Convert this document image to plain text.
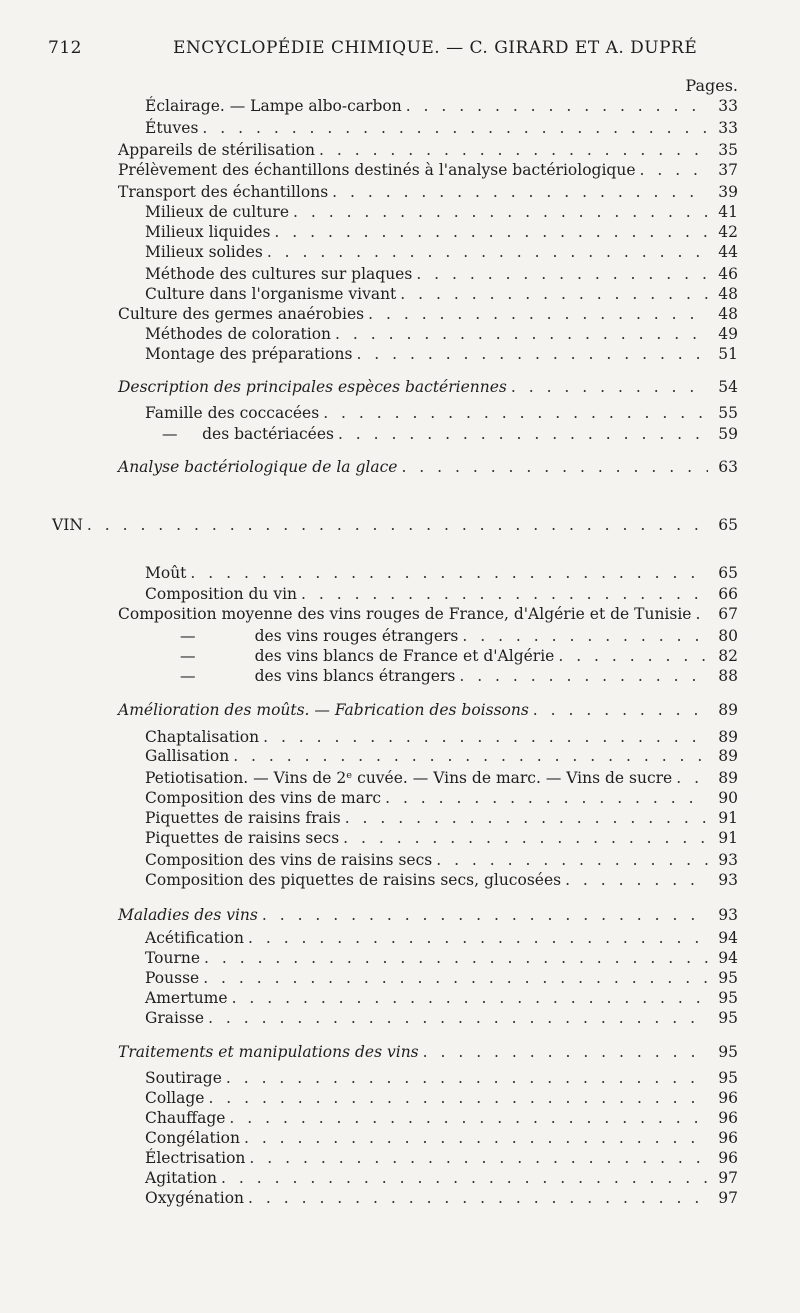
712	ENCYCLOPÉDIE CHIMIQUE. — C. GIRARD ET A. DUPRÉ
Pages.
Éclairage. — Lampe albo-carbon . . .	33
Étuves . . .	33
Appareils de stérilisation . . .	35
Prélèvement des échantillons destinés à l'analyse bactériologique . . .	37
Transport des échantillons . . .	39
Milieux de culture . . .	41
Milieux liquides . . .	42
Milieux solides . . .	44
Méthode des cultures sur plaques . . .	46
Culture dans l'organisme vivant . . .	48
Culture des germes anaérobies . . .	48
Méthodes de coloration . . .	49
Montage des préparations . . .	51
Description des principales espèces bactériennes . . .	54
Famille des coccacées . . .	55
—     des bactériacées . . .	59
Analyse bactériologique de la glace . . .	63
VIN . . .	65
Moût . . .	65
Composition du vin . . .	66
Composition moyenne des vins rouges de France, d'Algérie et de Tunisie . . . 67
—            des vins rouges étrangers . . .	80
—            des vins blancs de France et d'Algérie . . .	82
—            des vins blancs étrangers . . .	88
Amélioration des moûts. — Fabrication des boissons . . .	89
Chaptalisation . . .	89
Gallisation . . .	89
Petiotisation. — Vins de 2ᵉ cuvée. — Vins de marc. — Vins de sucre . . .	89
Composition des vins de marc . . .	90
Piquettes de raisins frais . . .	91
Piquettes de raisins secs . . .	91
Composition des vins de raisins secs . . .	93
Composition des piquettes de raisins secs, glucosées . . .	93
Maladies des vins . . .	93
Acétification . . .	94
Tourne . . .	94
Pousse . . .	95
Amertume . . .	95
Graisse . . .	95
Traitements et manipulations des vins . . .	95
Soutirage . . .	95
Collage . . .	96
Chauffage . . .	96
Congélation . . .	96
Électrisation . . .	96
Agitation . . .	97
Oxygénation . . .	97
